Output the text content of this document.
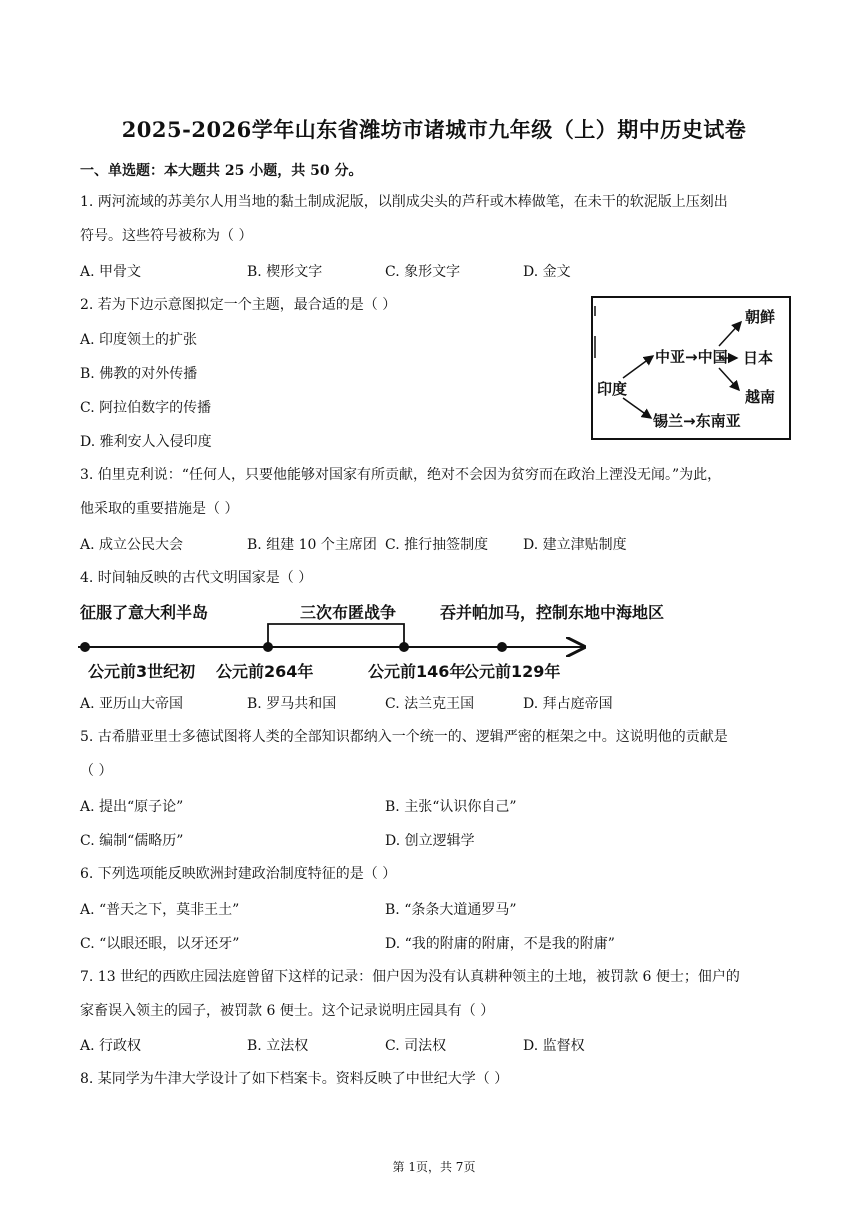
2025-2026学年山东省潍坊市诸城市九年级（上）期中历史试卷
一、单选题：本大题共 25 小题，共 50 分。
1. 两河流域的苏美尔人用当地的黏土制成泥版，以削成尖头的芦秆或木棒做笔，在未干的软泥版上压刻出
符号。这些符号被称为（ ）
A. 甲骨文	B. 楔形文字	C. 象形文字	D. 金文
2. 若为下边示意图拟定一个主题，最合适的是（ ）
A. 印度领土的扩张
B. 佛教的对外传播
C. 阿拉伯数字的传播
D. 雅利安人入侵印度
印度
中亚→中国
锡兰→东南亚
朝鲜
日本
越南
3. 伯里克利说：“任何人，只要他能够对国家有所贡献，绝对不会因为贫穷而在政治上湮没无闻。”为此，
他采取的重要措施是（ ）
A. 成立公民大会	B. 组建 10 个主席团 C. 推行抽签制度 D. 建立津贴制度
4. 时间轴反映的古代文明国家是（ ）
征服了意大利半岛	三次布匿战争	吞并帕加马，控制东地中海地区
公元前3世纪初 公元前264年	公元前146年
公元前129年
A. 亚历山大帝国	B. 罗马共和国	C. 法兰克王国	D. 拜占庭帝国
5. 古希腊亚里士多德试图将人类的全部知识都纳入一个统一的、逻辑严密的框架之中。这说明他的贡献是
（ ）
A. 提出“原子论”	B. 主张“认识你自己”
C. 编制“儒略历”	D. 创立逻辑学
6. 下列选项能反映欧洲封建政治制度特征的是（ ）
A. “普天之下，莫非王土”	B. “条条大道通罗马”
C. “以眼还眼，以牙还牙”	D. “我的附庸的附庸，不是我的附庸”
7. 13 世纪的西欧庄园法庭曾留下这样的记录：佃户因为没有认真耕种领主的土地，被罚款 6 便士；佃户的
家畜误入领主的园子，被罚款 6 便士。这个记录说明庄园具有（ ）
A. 行政权	B. 立法权	C. 司法权	D. 监督权
8. 某同学为牛津大学设计了如下档案卡。资料反映了中世纪大学（ ）
第 1页，共 7页
